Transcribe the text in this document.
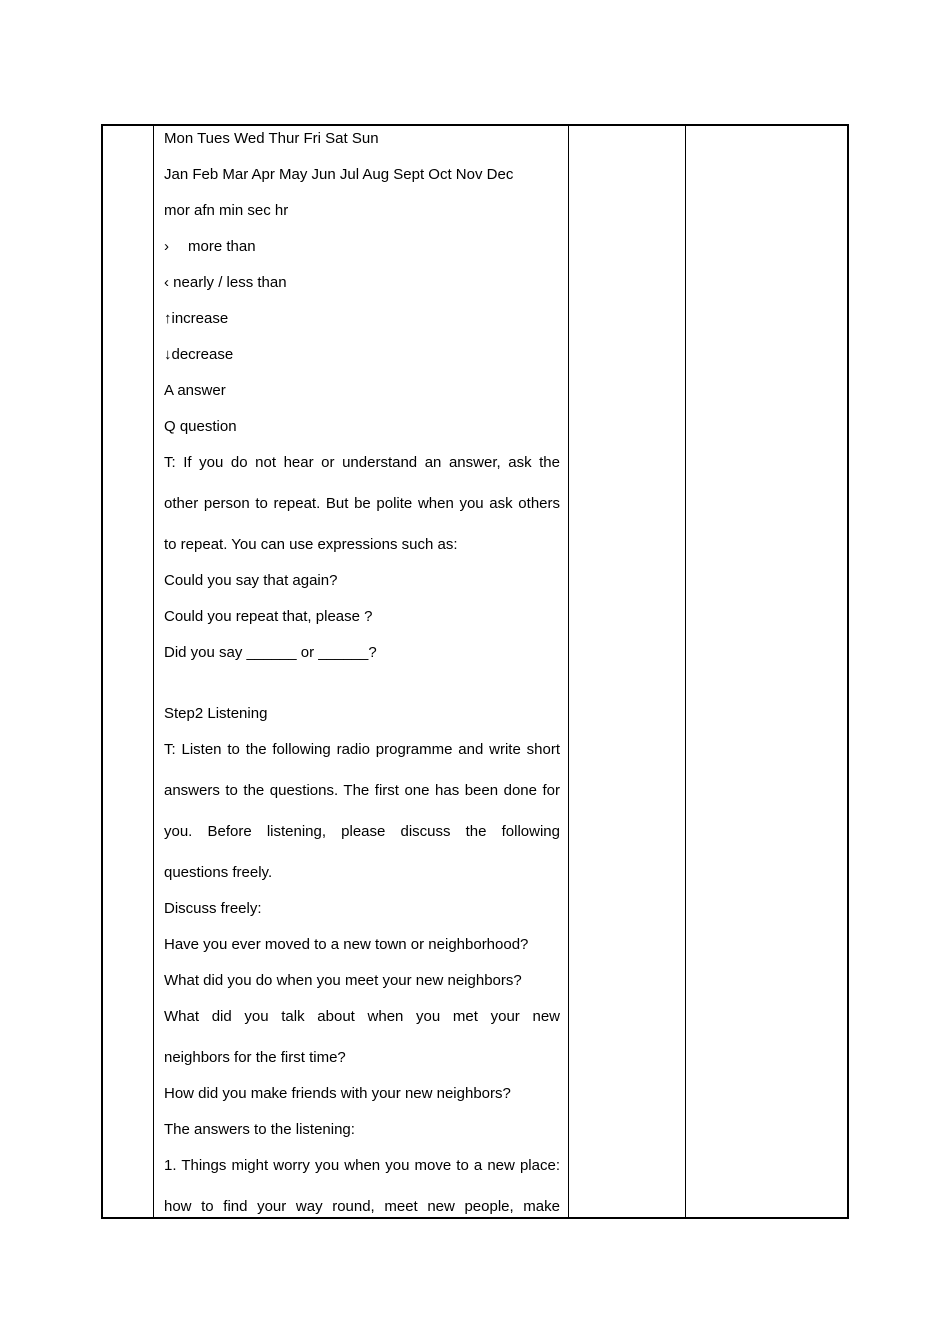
Mon Tues Wed Thur Fri Sat Sun
Jan Feb Mar Apr May Jun Jul Aug Sept Oct Nov Dec
mor afn min sec hr
› more than
‹ nearly / less than
↑increase
↓decrease
A answer
Q question
T: If you do not hear or understand an answer, ask the
other person to repeat. But be polite when you ask others
to repeat. You can use expressions such as:
Could you say that again?
Could you repeat that, please ?
Did you say ______ or ______?
Step2 Listening
T: Listen to the following radio programme and write short
answers to the questions. The first one has been done for
you. Before listening, please discuss the following
questions freely.
Discuss freely:
Have you ever moved to a new town or neighborhood?
What did you do when you meet your new neighbors?
What did you talk about when you met your new
neighbors for the first time?
How did you make friends with your new neighbors?
The answers to the listening:
1. Things might worry you when you move to a new place:
how to find your way round, meet new people, make
